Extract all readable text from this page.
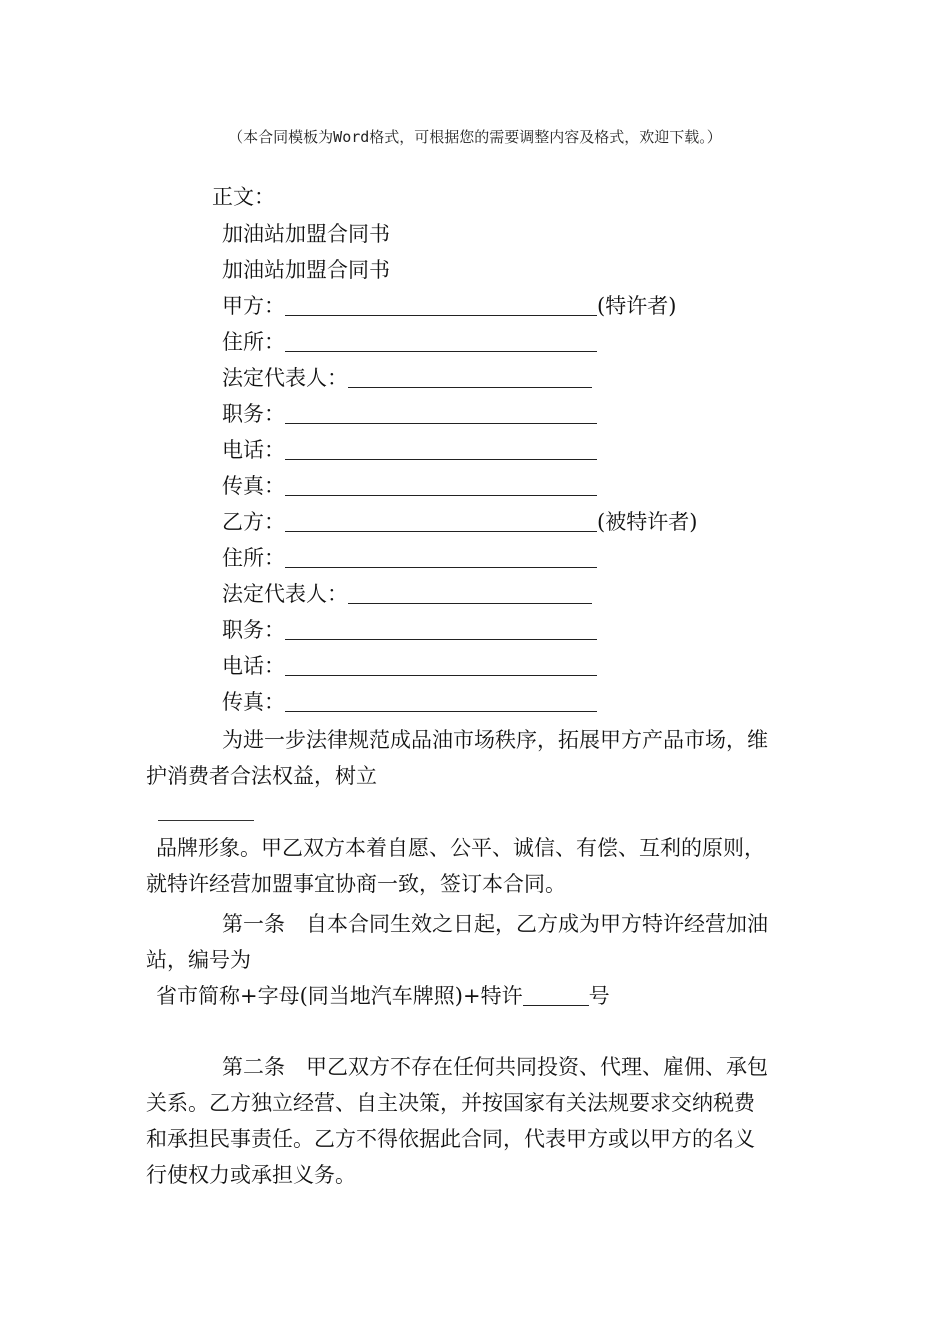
（本合同模板为Word格式，可根据您的需要调整内容及格式，欢迎下载。）
正文：
加油站加盟合同书
加油站加盟合同书
甲方：	(特许者)
住所：
法定代表人：
职务：
电话：
传真：
乙方：	(被特许者)
住所：
法定代表人：
职务：
电话：
传真：
为进一步法律规范成品油市场秩序，拓展甲方产品市场，维
护消费者合法权益，树立
品牌形象。甲乙双方本着自愿、公平、诚信、有偿、互利的原则，
就特许经营加盟事宜协商一致，签订本合同。
第一条　自本合同生效之日起，乙方成为甲方特许经营加油
站，编号为
省市简称+字母(同当地汽车牌照)+特许	号
第二条　甲乙双方不存在任何共同投资、代理、雇佣、承包
关系。乙方独立经营、自主决策，并按国家有关法规要求交纳税费
和承担民事责任。乙方不得依据此合同，代表甲方或以甲方的名义
行使权力或承担义务。
